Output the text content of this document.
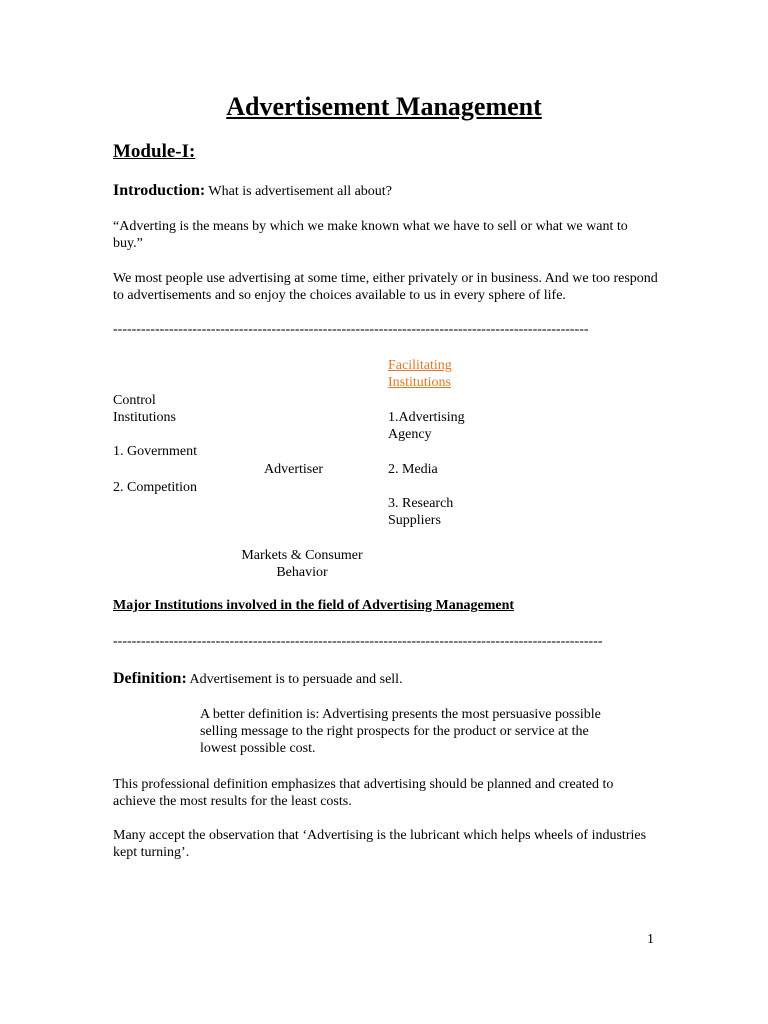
Advertisement Management
Module-I:
Introduction: What is advertisement all about?
“Adverting is the means by which we make known what we have to sell or what we want to buy.”
We most people use advertising at some time, either privately or in business. And we too respond to advertisements and so enjoy the choices available to us in every sphere of life.
------------------------------------------------------------------------------------------------------
Facilitating
Institutions
Control
Institutions	1.Advertising
Agency
1. Government
Advertiser	2. Media
2. Competition
3. Research
Suppliers
Markets & Consumer
Behavior
Major Institutions involved in the field of Advertising Management
---------------------------------------------------------------------------------------------------------
Definition: Advertisement is to persuade and sell.
A better definition is: Advertising presents the most persuasive possible
selling message to the right prospects for the product or service at the
lowest possible cost.
This professional definition emphasizes that advertising should be planned and created to achieve the most results for the least costs.
Many accept the observation that ‘Advertising is the lubricant which helps wheels of industries kept turning’.
1
